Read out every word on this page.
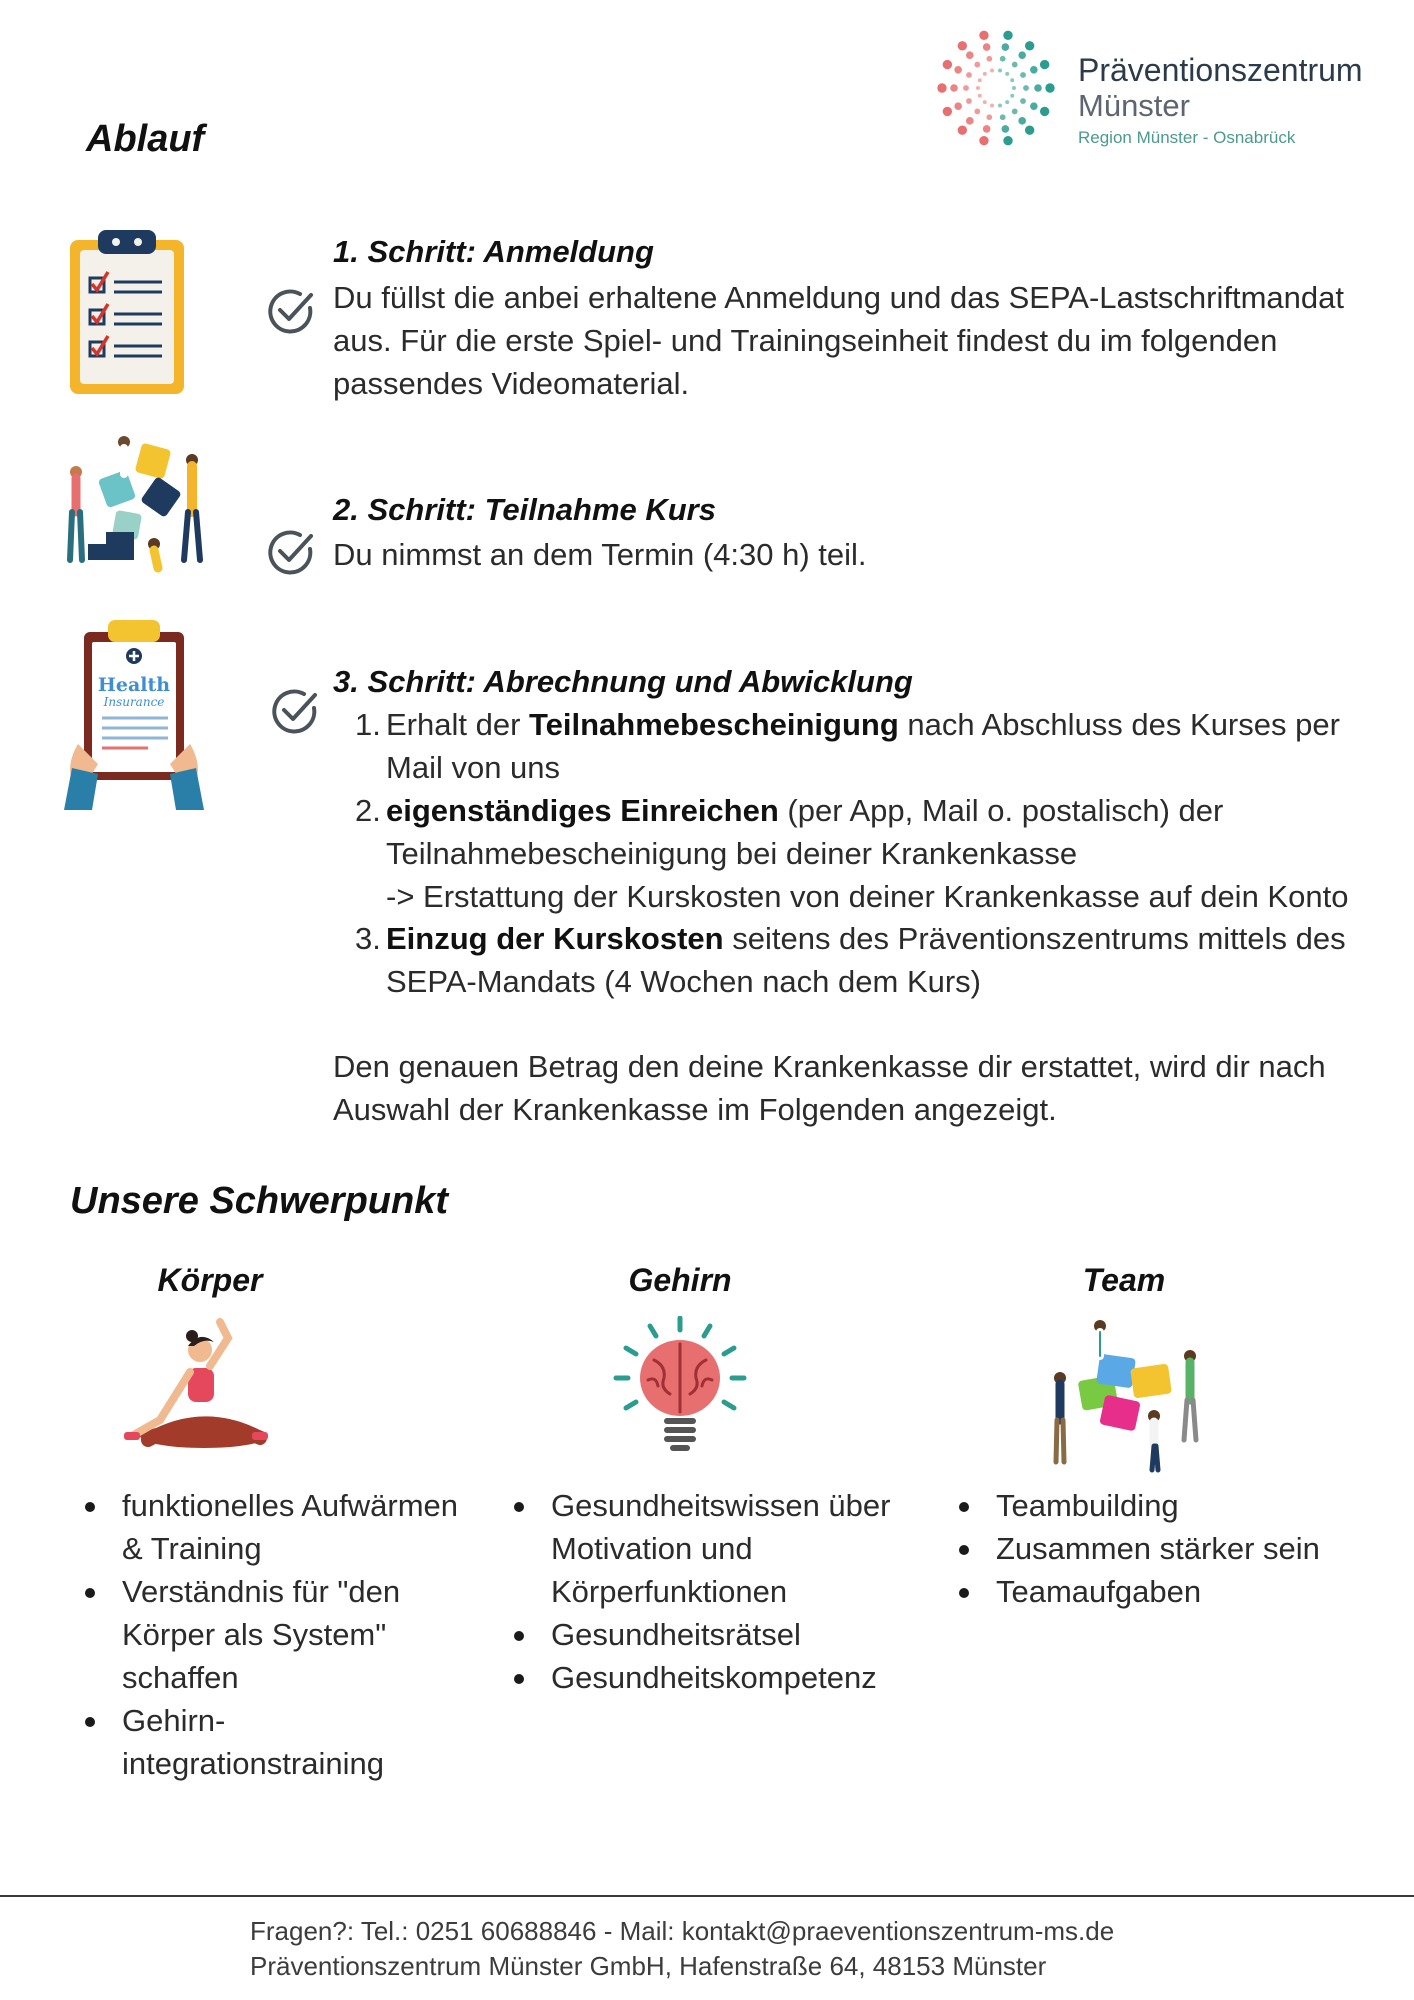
Präventionszentrum
Münster
Region Münster - Osnabrück
Ablauf
1. Schritt: Anmeldung
Du füllst die anbei erhaltene Anmeldung und das SEPA-Lastschriftmandat
aus. Für die erste Spiel- und Trainingseinheit findest du im folgenden
passendes Videomaterial.
2. Schritt: Teilnahme Kurs
Du nimmst an dem Termin (4:30 h) teil.
Health
Insurance
3. Schritt: Abrechnung und Abwicklung
1. Erhalt der Teilnahmebescheinigung nach Abschluss des Kurses per
Mail von uns
2. eigenständiges Einreichen (per App, Mail o. postalisch) der
Teilnahmebescheinigung bei deiner Krankenkasse
-> Erstattung der Kurskosten von deiner Krankenkasse auf dein Konto
3. Einzug der Kurskosten seitens des Präventionszentrums mittels des
SEPA-Mandats (4 Wochen nach dem Kurs)
Den genauen Betrag den deine Krankenkasse dir erstattet, wird dir nach
Auswahl der Krankenkasse im Folgenden angezeigt.
Unsere Schwerpunkt
Körper
funktionelles Aufwärmen
& Training
Verständnis für "den
Körper als System"
schaffen
Gehirn-
integrationstraining
Gehirn
Gesundheitswissen über
Motivation und
Körperfunktionen
Gesundheitsrätsel
Gesundheitskompetenz
Team
Teambuilding
Zusammen stärker sein
Teamaufgaben
Fragen?: Tel.: 0251 60688846 - Mail: kontakt@praeventionszentrum-ms.de
Präventionszentrum Münster GmbH, Hafenstraße 64, 48153 Münster
